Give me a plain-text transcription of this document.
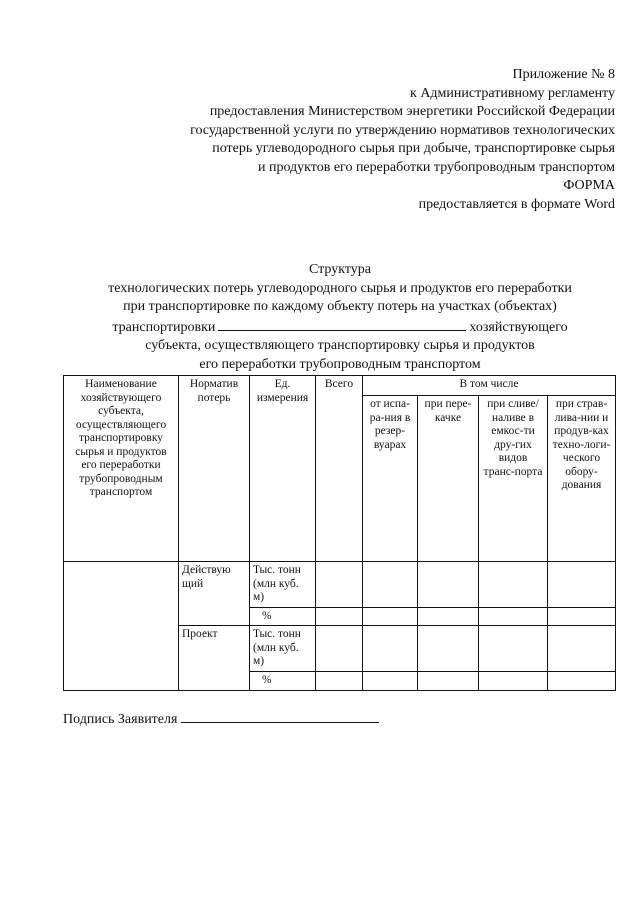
Приложение № 8
к Административному регламенту
предоставления Министерством энергетики Российской Федерации
государственной услуги по утверждению нормативов технологических
потерь углеводородного сырья при добыче, транспортировке сырья
и продуктов его переработки трубопроводным транспортом
ФОРМА
предоставляется в формате Word
Структура
технологических потерь углеводородного сырья и продуктов его переработки
при транспортировке по каждому объекту потерь на участках (объектах)
транспортировки	хозяйствующего
субъекта, осуществляющего транспортировку сырья и продуктов
его переработки трубопроводным транспортом
Наименование хозяйствующего субъекта, осуществляющего транспортировку сырья и продуктов его переработки трубопроводным транспортом	Норматив потерь	Ед. измерения	Всего	В том числе			
				от испа-ра-ния в резер-вуарах	при пере-качке	при сливе/ наливе в емкос-ти дру-гих видов транс-порта	при страв-лива-нии и продув-ках техно-логи-ческого обору-дования
	Действую щий	Тыс. тонн (млн куб. м)					
		%					
	Проект	Тыс. тонн (млн куб. м)					
		%					
Подпись Заявителя
